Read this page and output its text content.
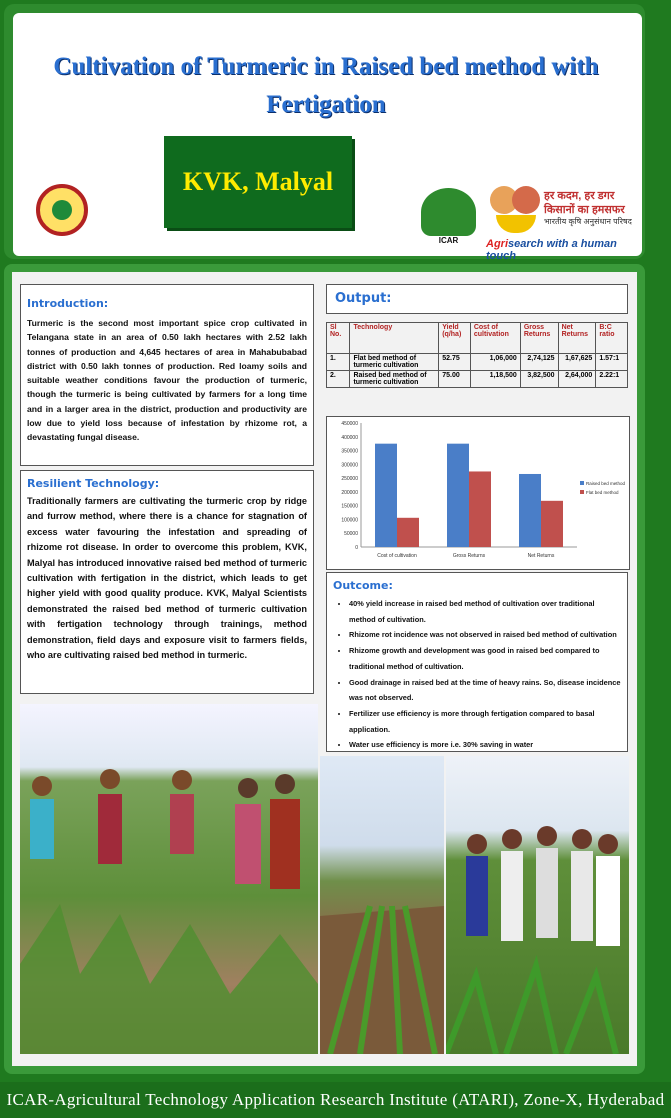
Cultivation of Turmeric in Raised bed method with
Fertigation
KVK, Malyal
ICAR
हर कदम, हर डगर
किसानों का हमसफर
भारतीय कृषि अनुसंधान परिषद
Agrisearch with a human touch
Introduction:
Turmeric is the second most important spice crop cultivated in Telangana state in an area of 0.50 lakh hectares with 2.52 lakh tonnes of production and 4,645 hectares of area in Mahabubabad district with 0.50 lakh tonnes of production. Red loamy soils and suitable weather conditions favour the production of turmeric, though the turmeric is being cultivated by farmers for a long time and in a larger area in the district, production and productivity are low due to yield loss because of infestation by rhizome rot, a devastating fungal disease.
Resilient Technology:
Traditionally farmers are cultivating the turmeric crop by ridge and furrow method, where there is a chance for stagnation of excess water favouring the infestation and spreading of rhizome rot disease. In order to overcome this problem, KVK, Malyal has introduced innovative raised bed method of turmeric cultivation with fertigation in the district, which leads to get higher yield with good quality produce. KVK, Malyal Scientists demonstrated the raised bed method of turmeric cultivation with fertigation technology through trainings, method demonstration, field days and exposure visit to farmers fields, who are cultivating raised bed method in turmeric.
Output:
Sl No.	Technology	Yield (q/ha)	Cost of cultivation	Gross Returns	Net Returns	B:C ratio
1.	Flat bed method of turmeric cultivation	52.75	1,06,000	2,74,125	1,67,625	1.57:1
2.	Raised bed method of turmeric cultivation	75.00	1,18,500	3,82,500	2,64,000	2.22:1
0
50000
100000
150000
200000
250000
300000
350000
400000
450000
Cost of cultivation	Gross Returns	Net Returns
Raised bed method
Flat bed method
Outcome:
• 40% yield increase in raised bed method of cultivation over traditional method of cultivation.
• Rhizome rot incidence was not observed in raised bed method of cultivation
• Rhizome growth and development was good in raised bed compared to traditional method of cultivation.
• Good drainage in raised bed at the time of heavy rains. So, disease incidence was not observed.
• Fertilizer use efficiency is more through fertigation compared to basal application.
• Water use efficiency is more i.e. 30% saving in water
ICAR-Agricultural Technology Application Research Institute (ATARI), Zone-X, Hyderabad
